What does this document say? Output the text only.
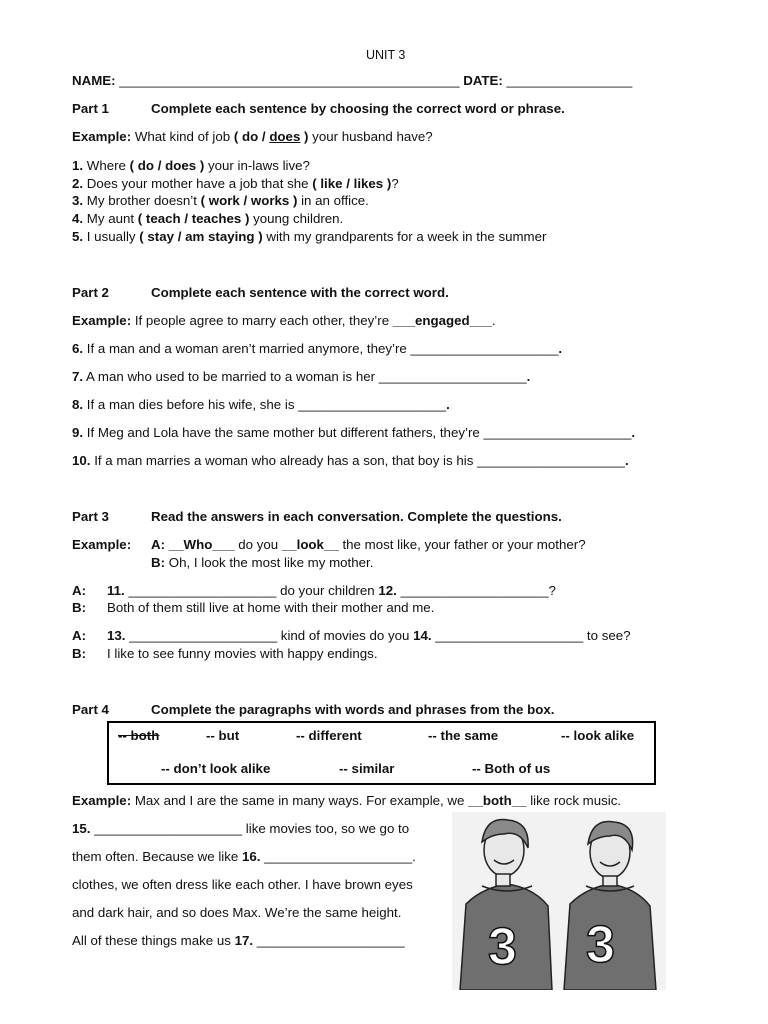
UNIT 3
NAME: ______________________________________________ DATE: _________________
Part 1	Complete each sentence by choosing the correct word or phrase.
Example: What kind of job ( do / does ) your husband have?
1. Where ( do / does ) your in-laws live?
2. Does your mother have a job that she ( like / likes )?
3. My brother doesn’t ( work / works ) in an office.
4. My aunt ( teach / teaches ) young children.
5. I usually ( stay / am staying ) with my grandparents for a week in the summer
Part 2	Complete each sentence with the correct word.
Example: If people agree to marry each other, they’re ___engaged___.
6. If a man and a woman aren’t married anymore, they’re ____________________.
7. A man who used to be married to a woman is her ____________________.
8. If a man dies before his wife, she is ____________________.
9. If Meg and Lola have the same mother but different fathers, they’re ____________________.
10. If a man marries a woman who already has a son, that boy is his ____________________.
Part 3	Read the answers in each conversation. Complete the questions.
Example: A: __Who___ do you __look__ the most like, your father or your mother?
B: Oh, I look the most like my mother.
A: 11. ____________________ do your children 12. ____________________?
B: Both of them still live at home with their mother and me.
A: 13. ____________________ kind of movies do you 14. ____________________ to see?
B: I like to see funny movies with happy endings.
Part 4	Complete the paragraphs with words and phrases from the box.
-- both	-- but	-- different	-- the same	-- look alike
-- don’t look alike	-- similar	-- Both of us
Example: Max and I are the same in many ways. For example, we __both__ like rock music.
15. ____________________ like movies too, so we go to
them often. Because we like 16. ____________________.
clothes, we often dress like each other. I have brown eyes
and dark hair, and so does Max. We’re the same height.
All of these things make us 17. ____________________ 3 3
